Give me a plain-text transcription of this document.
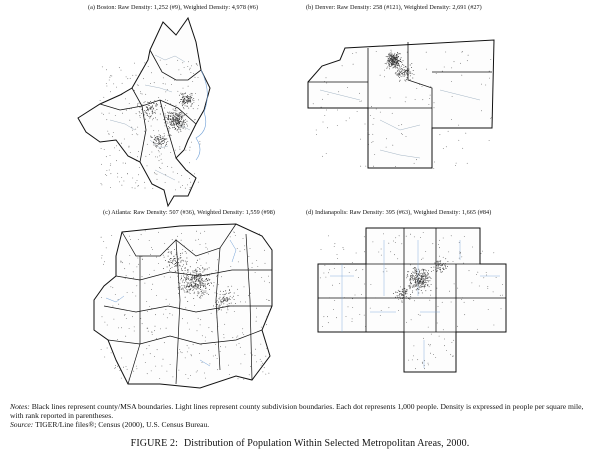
(a) Boston: Raw Density: 1,252 (#9), Weighted Density: 4,978 (#6)	(b) Denver: Raw Density: 258 (#121), Weighted Density: 2,691 (#27)
(c) Atlanta: Raw Density: 507 (#36), Weighted Density: 1,559 (#98)	(d) Indianapolis: Raw Density: 395 (#63), Weighted Density: 1,665 (#84)
Notes: Black lines represent county/MSA boundaries. Light lines represent county subdivision boundaries. Each dot represents 1,000 people. Density is expressed in people per square mile, with rank reported in parentheses.
Source: TIGER/Line files®; Census (2000), U.S. Census Bureau.
FIGURE 2: Distribution of Population Within Selected Metropolitan Areas, 2000.
